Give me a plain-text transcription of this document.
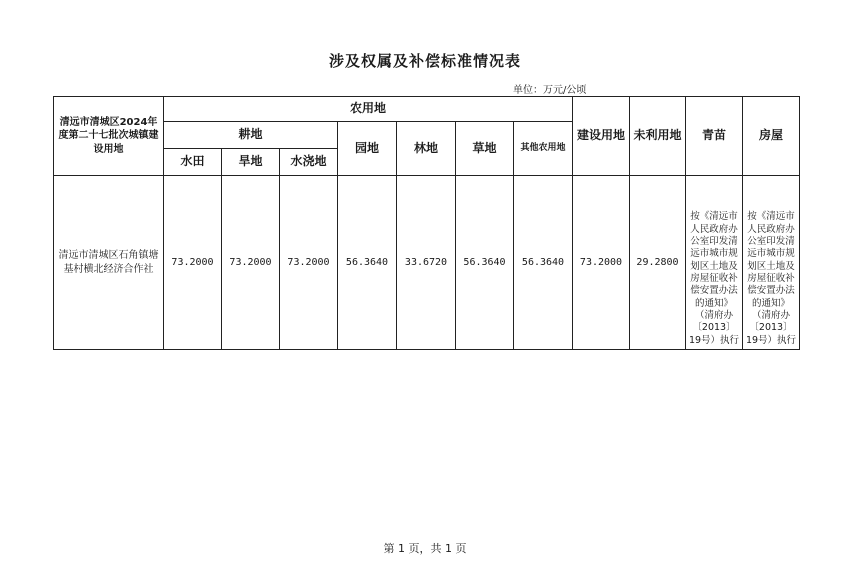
涉及权属及补偿标准情况表
单位：万元/公顷
清远市清城区2024年度第二十七批次城镇建设用地	农用地							建设用地	未利用地	青苗	房屋
	耕地			园地	林地	草地	其他农用地				
	水田	旱地	水浇地								
清远市清城区石角镇塘基村横北经济合作社	73.2000	73.2000	73.2000	56.3640	33.6720	56.3640	56.3640	73.2000	29.2800	按《清远市人民政府办公室印发清远市城市规划区土地及房屋征收补偿安置办法的通知》（清府办〔2013〕19号）执行	按《清远市人民政府办公室印发清远市城市规划区土地及房屋征收补偿安置办法的通知》（清府办〔2013〕19号）执行
第 1 页，共 1 页
